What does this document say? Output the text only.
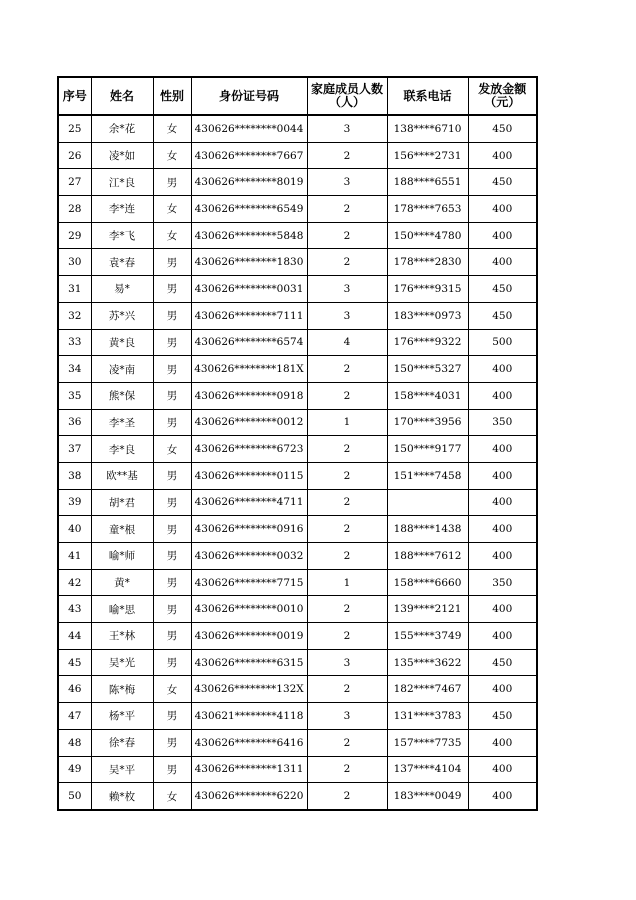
序号	姓名	性别	身份证号码	家庭成员人数（人）	联系电话	发放金额（元）
25	余*花	女	430626********0044	3	138****6710	450
26	凌*如	女	430626********7667	2	156****2731	400
27	江*良	男	430626********8019	3	188****6551	450
28	李*连	女	430626********6549	2	178****7653	400
29	李*飞	女	430626********5848	2	150****4780	400
30	袁*春	男	430626********1830	2	178****2830	400
31	易*	男	430626********0031	3	176****9315	450
32	苏*兴	男	430626********7111	3	183****0973	450
33	黄*良	男	430626********6574	4	176****9322	500
34	凌*南	男	430626********181X	2	150****5327	400
35	熊*保	男	430626********0918	2	158****4031	400
36	李*圣	男	430626********0012	1	170****3956	350
37	李*良	女	430626********6723	2	150****9177	400
38	欧**基	男	430626********0115	2	151****7458	400
39	胡*君	男	430626********4711	2		400
40	童*根	男	430626********0916	2	188****1438	400
41	喻*师	男	430626********0032	2	188****7612	400
42	黄*	男	430626********7715	1	158****6660	350
43	喻*思	男	430626********0010	2	139****2121	400
44	王*林	男	430626********0019	2	155****3749	400
45	吴*光	男	430626********6315	3	135****3622	450
46	陈*梅	女	430626********132X	2	182****7467	400
47	杨*平	男	430621********4118	3	131****3783	450
48	徐*春	男	430626********6416	2	157****7735	400
49	吴*平	男	430626********1311	2	137****4104	400
50	赖*枚	女	430626********6220	2	183****0049	400
